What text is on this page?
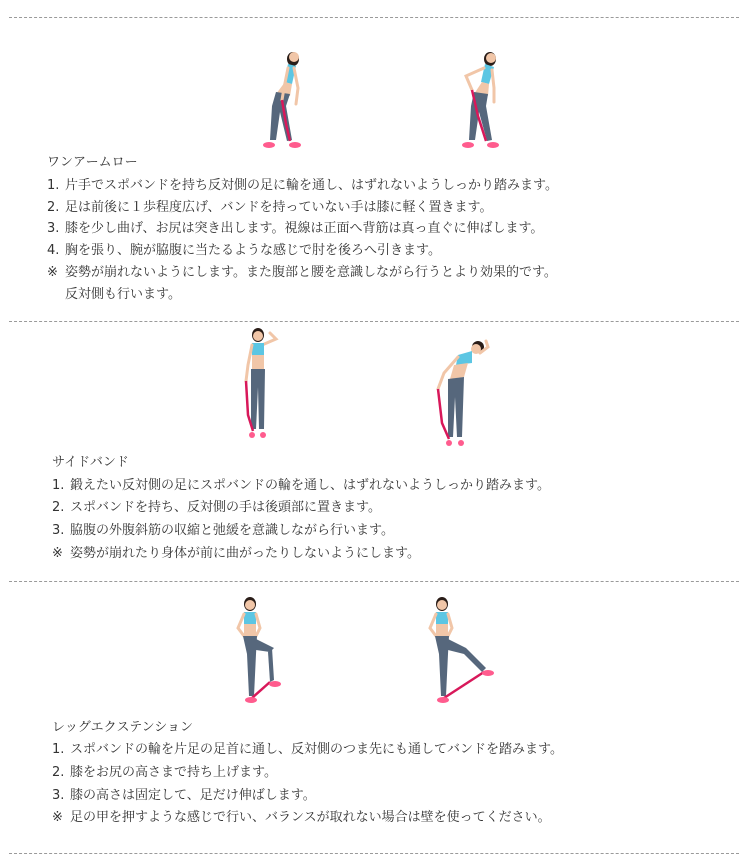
ワンアームロー
1. 片手でスポバンドを持ち反対側の足に輪を通し、はずれないようしっかり踏みます。
2. 足は前後に１歩程度広げ、バンドを持っていない手は膝に軽く置きます。
3. 膝を少し曲げ、お尻は突き出します。視線は正面へ背筋は真っ直ぐに伸ばします。
4. 胸を張り、腕が脇腹に当たるような感じで肘を後ろへ引きます。
※ 姿勢が崩れないようにします。また腹部と腰を意識しながら行うとより効果的です。
反対側も行います。
サイドバンド
1. 鍛えたい反対側の足にスポバンドの輪を通し、はずれないようしっかり踏みます。
2. スポバンドを持ち、反対側の手は後頭部に置きます。
3. 脇腹の外腹斜筋の収縮と弛緩を意識しながら行います。
※ 姿勢が崩れたり身体が前に曲がったりしないようにします。
レッグエクステンション
1. スポバンドの輪を片足の足首に通し、反対側のつま先にも通してバンドを踏みます。
2. 膝をお尻の高さまで持ち上げます。
3. 膝の高さは固定して、足だけ伸ばします。
※ 足の甲を押すような感じで行い、バランスが取れない場合は壁を使ってください。
